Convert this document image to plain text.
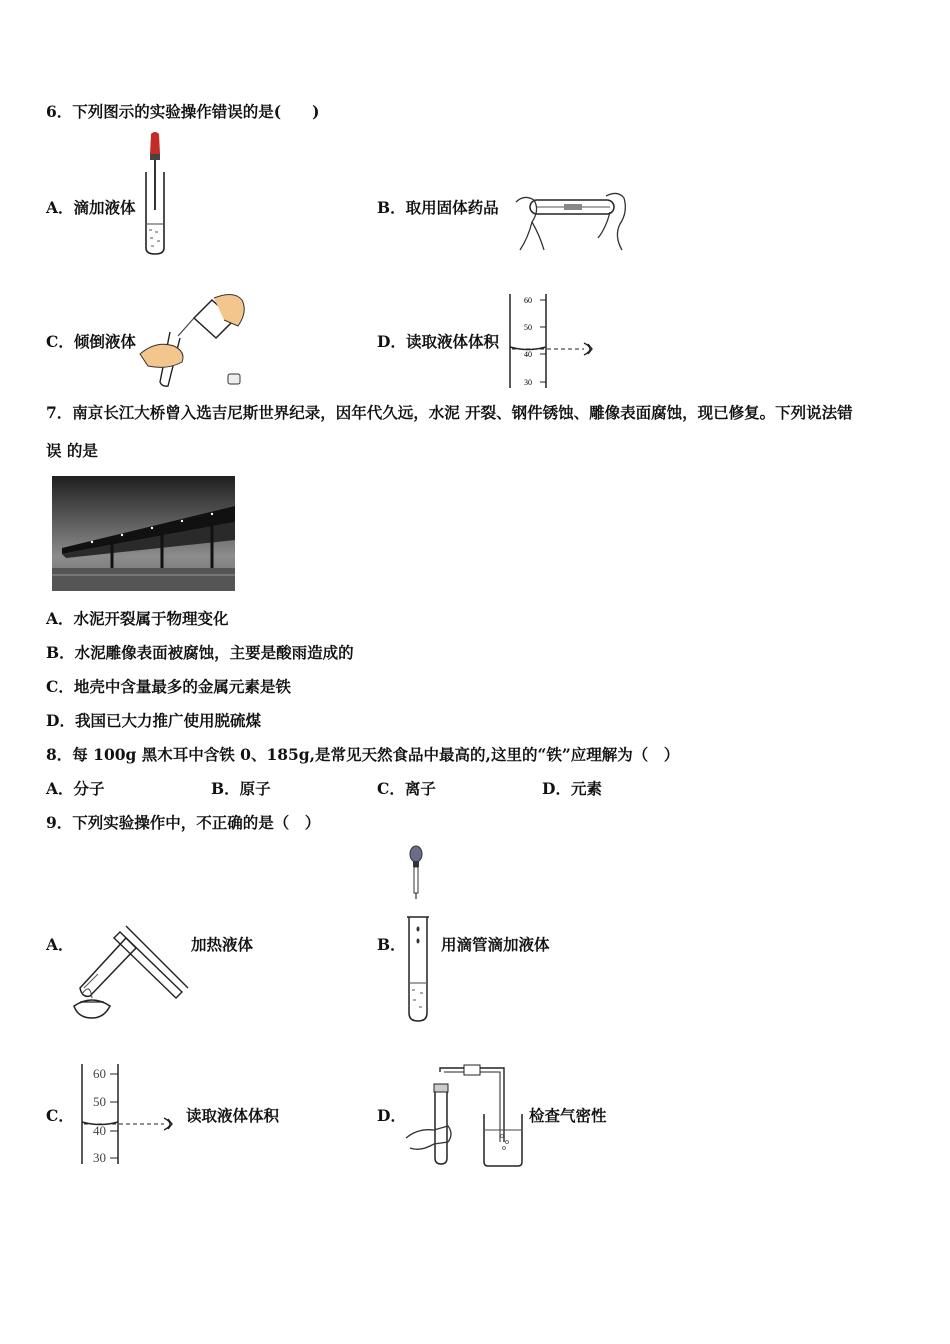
6．下列图示的实验操作错误的是(　　)
A．滴加液体	B．取用固体药品
C．倾倒液体	D．读取液体体积
60
50
40
30
7．南京长江大桥曾入选吉尼斯世界纪录，因年代久远，水泥 开裂、钢件锈蚀、雕像表面腐蚀，现已修复。下列说法错
误 的是
A．水泥开裂属于物理变化
B．水泥雕像表面被腐蚀，主要是酸雨造成的
C．地壳中含量最多的金属元素是铁
D．我国已大力推广使用脱硫煤
8．每 100g 黑木耳中含铁 0、185g,是常见天然食品中最高的,这里的“铁”应理解为（　）
A．分子	B．原子	C．离子	D．元素
9．下列实验操作中，不正确的是（　）
A．	加热液体	B． 用滴管滴加液体
C．
60
50
40
30
读取液体体积	D．	检查气密性
